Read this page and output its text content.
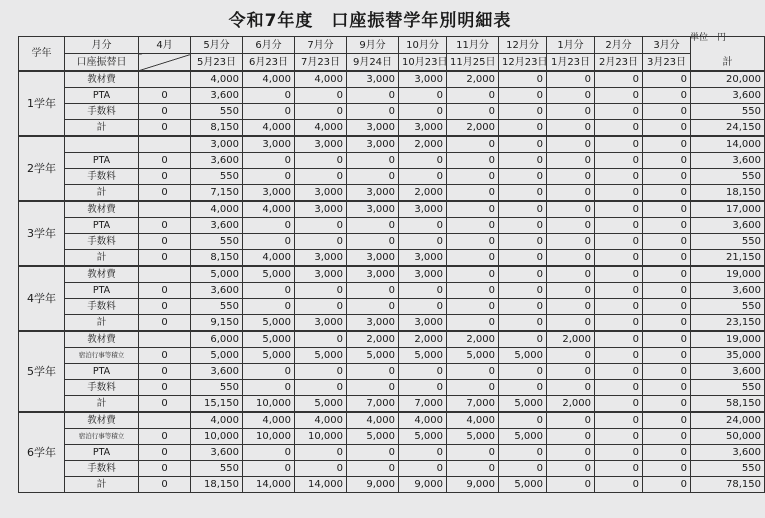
令和7年度　口座振替学年別明細表
単位　円
学年	月分	4月	5月分	6月分	7月分	9月分	10月分	11月分	12月分	1月分	2月分	3月分	計
	口座振替日		5月23日	6月23日	7月23日	9月24日	10月23日	11月25日	12月23日	1月23日	2月23日	3月23日	
1学年	教材費		4,000	4,000	4,000	3,000	3,000	2,000	0	0	0	0	20,000
	PTA	0	3,600	0	0	0	0	0	0	0	0	0	3,600
	手数料	0	550	0	0	0	0	0	0	0	0	0	550
	計	0	8,150	4,000	4,000	3,000	3,000	2,000	0	0	0	0	24,150
2学年			3,000	3,000	3,000	3,000	2,000	0	0	0	0	0	14,000
	PTA	0	3,600	0	0	0	0	0	0	0	0	0	3,600
	手数料	0	550	0	0	0	0	0	0	0	0	0	550
	計	0	7,150	3,000	3,000	3,000	2,000	0	0	0	0	0	18,150
3学年	教材費		4,000	4,000	3,000	3,000	3,000	0	0	0	0	0	17,000
	PTA	0	3,600	0	0	0	0	0	0	0	0	0	3,600
	手数料	0	550	0	0	0	0	0	0	0	0	0	550
	計	0	8,150	4,000	3,000	3,000	3,000	0	0	0	0	0	21,150
4学年	教材費		5,000	5,000	3,000	3,000	3,000	0	0	0	0	0	19,000
	PTA	0	3,600	0	0	0	0	0	0	0	0	0	3,600
	手数料	0	550	0	0	0	0	0	0	0	0	0	550
	計	0	9,150	5,000	3,000	3,000	3,000	0	0	0	0	0	23,150
5学年	教材費		6,000	5,000	0	2,000	2,000	2,000	0	2,000	0	0	19,000
	宿泊行事等積立	0	5,000	5,000	5,000	5,000	5,000	5,000	5,000	0	0	0	35,000
	PTA	0	3,600	0	0	0	0	0	0	0	0	0	3,600
	手数料	0	550	0	0	0	0	0	0	0	0	0	550
	計	0	15,150	10,000	5,000	7,000	7,000	7,000	5,000	2,000	0	0	58,150
6学年	教材費		4,000	4,000	4,000	4,000	4,000	4,000	0	0	0	0	24,000
	宿泊行事等積立	0	10,000	10,000	10,000	5,000	5,000	5,000	5,000	0	0	0	50,000
	PTA	0	3,600	0	0	0	0	0	0	0	0	0	3,600
	手数料	0	550	0	0	0	0	0	0	0	0	0	550
	計	0	18,150	14,000	14,000	9,000	9,000	9,000	5,000	0	0	0	78,150
